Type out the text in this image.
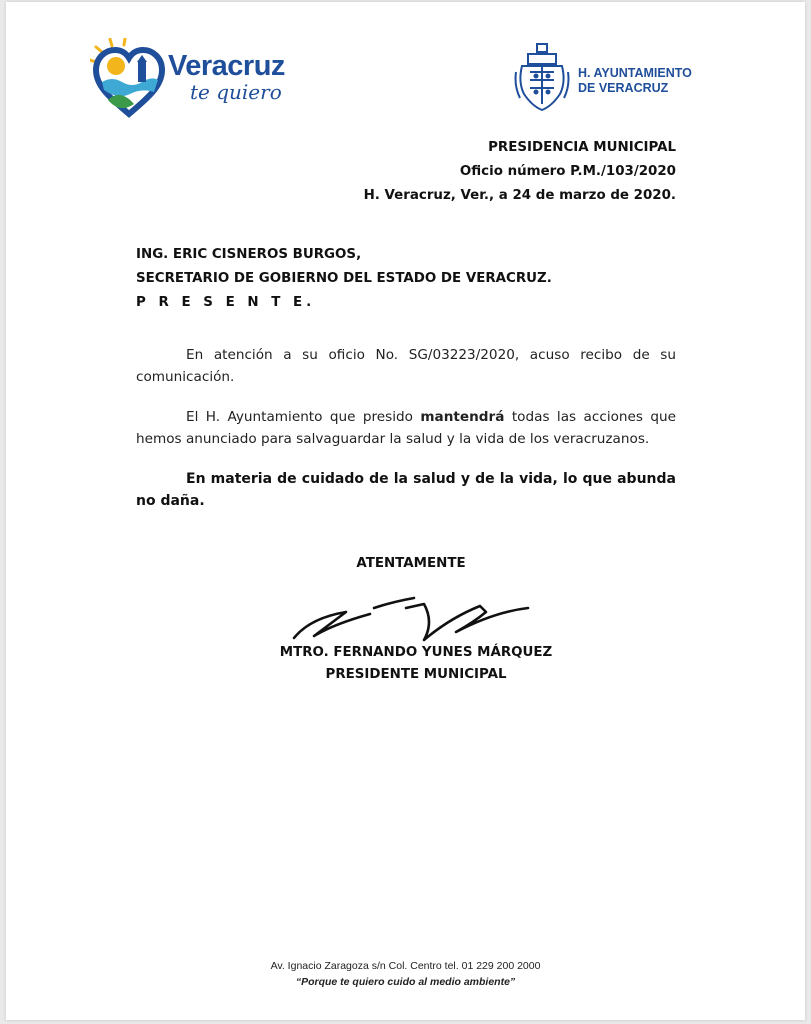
Veracruz
te quiero
H. AYUNTAMIENTO
DE VERACRUZ
PRESIDENCIA MUNICIPAL
Oficio número P.M./103/2020
H. Veracruz, Ver., a 24 de marzo de 2020.
ING. ERIC CISNEROS BURGOS,
SECRETARIO DE GOBIERNO DEL ESTADO DE VERACRUZ.
P R E S E N T E.
En atención a su oficio No. SG/03223/2020, acuso recibo de su comunicación.
El H. Ayuntamiento que presido mantendrá todas las acciones que hemos anunciado para salvaguardar la salud y la vida de los veracruzanos.
En materia de cuidado de la salud y de la vida, lo que abunda no daña.
ATENTAMENTE
MTRO. FERNANDO YUNES MÁRQUEZ
PRESIDENTE MUNICIPAL
Av. Ignacio Zaragoza s/n Col. Centro tel. 01 229 200 2000
“Porque te quiero cuido al medio ambiente”
